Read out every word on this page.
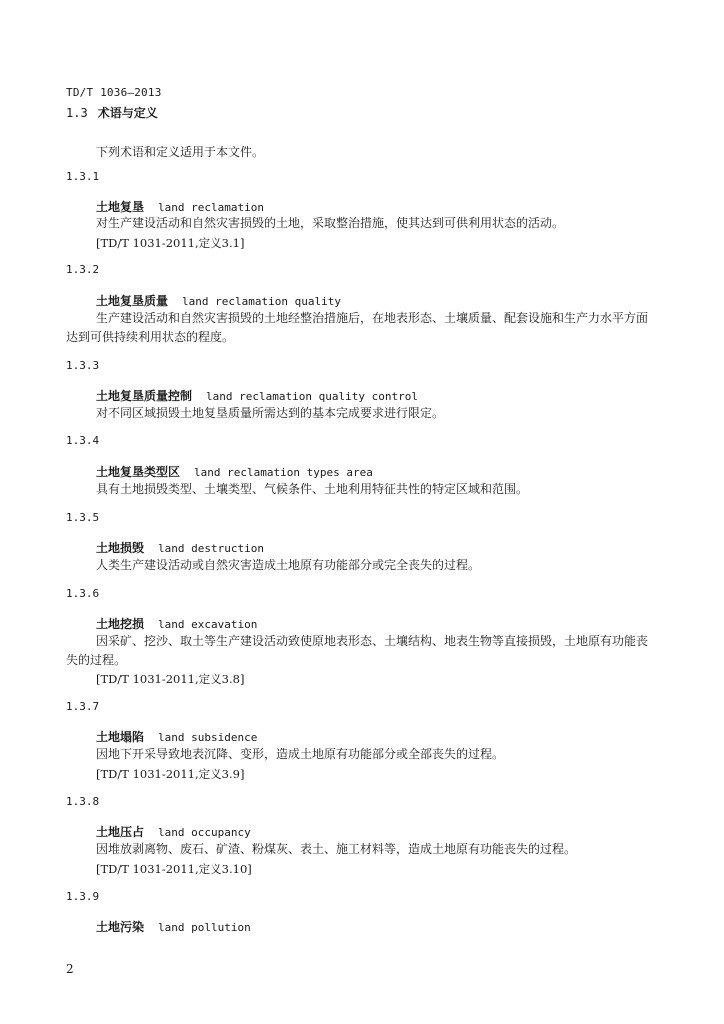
TD/T 1036—2013
1.3 术语与定义
下列术语和定义适用于本文件。
1.3.1
土地复垦 land reclamation
对生产建设活动和自然灾害损毁的土地，采取整治措施，使其达到可供利用状态的活动。
[TD/T 1031-2011,定义3.1]
1.3.2
土地复垦质量 land reclamation quality
生产建设活动和自然灾害损毁的土地经整治措施后，在地表形态、土壤质量、配套设施和生产力水平方面达到可供持续利用状态的程度。
1.3.3
土地复垦质量控制 land reclamation quality control
对不同区域损毁土地复垦质量所需达到的基本完成要求进行限定。
1.3.4
土地复垦类型区 land reclamation types area
具有土地损毁类型、土壤类型、气候条件、土地利用特征共性的特定区域和范围。
1.3.5
土地损毁 land destruction
人类生产建设活动或自然灾害造成土地原有功能部分或完全丧失的过程。
1.3.6
土地挖损 land excavation
因采矿、挖沙、取土等生产建设活动致使原地表形态、土壤结构、地表生物等直接损毁，土地原有功能丧失的过程。
[TD/T 1031-2011,定义3.8]
1.3.7
土地塌陷 land subsidence
因地下开采导致地表沉降、变形，造成土地原有功能部分或全部丧失的过程。
[TD/T 1031-2011,定义3.9]
1.3.8
土地压占 land occupancy
因堆放剥离物、废石、矿渣、粉煤灰、表土、施工材料等，造成土地原有功能丧失的过程。
[TD/T 1031-2011,定义3.10]
1.3.9
土地污染 land pollution
2
